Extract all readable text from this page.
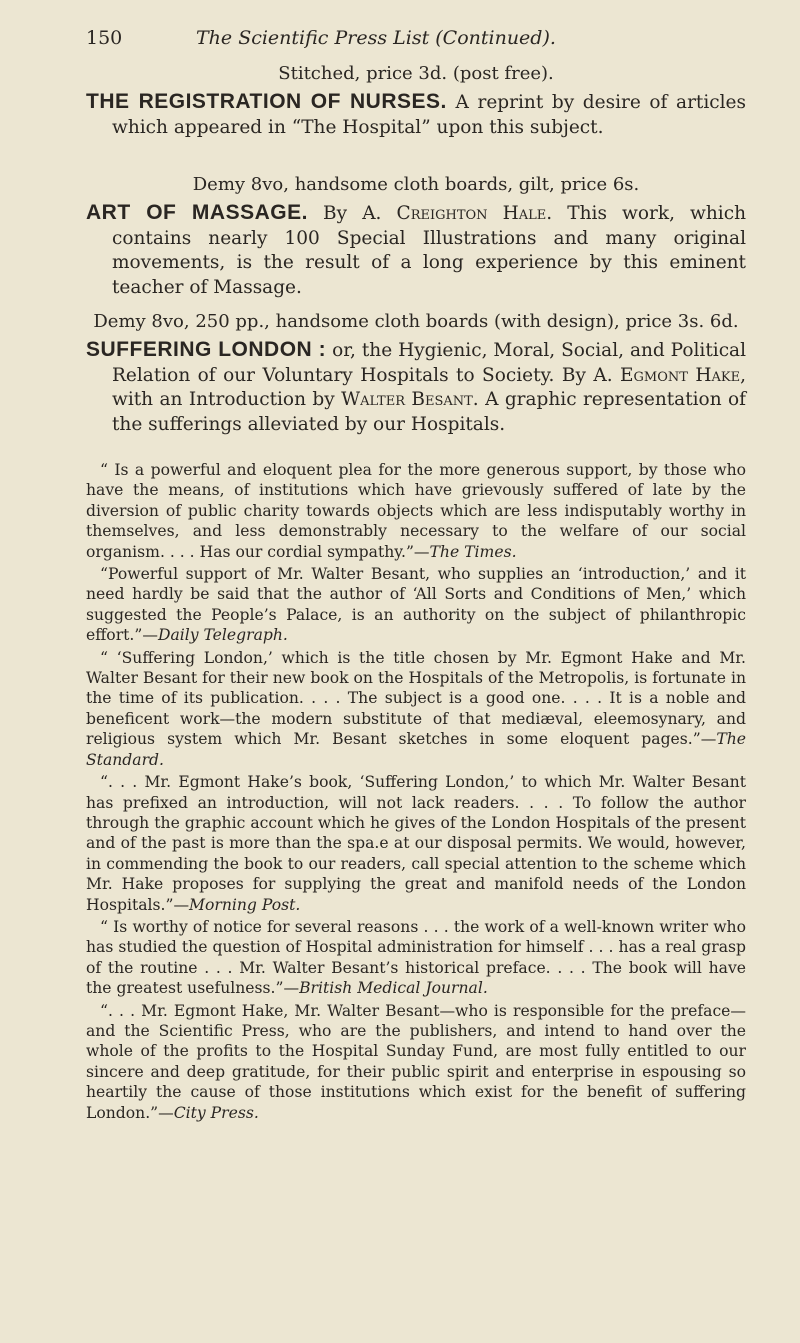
150	The Scientific Press List (Continued).

Stitched, price 3d. (post free).

THE REGISTRATION OF NURSES. A reprint by desire of articles which appeared in “The Hospital” upon this subject.

Demy 8vo, handsome cloth boards, gilt, price 6s.

ART OF MASSAGE. By A. Creighton Hale. This work, which contains nearly 100 Special Illustrations and many original movements, is the result of a long experience by this eminent teacher of Massage.

Demy 8vo, 250 pp., handsome cloth boards (with design), price 3s. 6d.

SUFFERING LONDON : or, the Hygienic, Moral, Social, and Political Relation of our Voluntary Hospitals to Society. By A. Egmont Hake, with an Introduction by Walter Besant. A graphic representation of the sufferings alleviated by our Hospitals.

“ Is a powerful and eloquent plea for the more generous support, by those who have the means, of institutions which have grievously suffered of late by the diversion of public charity towards objects which are less indisputably worthy in themselves, and less demonstrably necessary to the welfare of our social organism. . . . Has our cordial sympathy.”—The Times.

“Powerful support of Mr. Walter Besant, who supplies an ‘introduction,’ and it need hardly be said that the author of ‘All Sorts and Conditions of Men,’ which suggested the People’s Palace, is an authority on the subject of philanthropic effort.”—Daily Telegraph.

“ ‘Suffering London,’ which is the title chosen by Mr. Egmont Hake and Mr. Walter Besant for their new book on the Hospitals of the Metropolis, is fortunate in the time of its publication. . . . The subject is a good one. . . . It is a noble and beneficent work—the modern substitute of that mediæval, eleemosynary, and religious system which Mr. Besant sketches in some eloquent pages.”—The Standard.

“. . . Mr. Egmont Hake’s book, ‘Suffering London,’ to which Mr. Walter Besant has prefixed an introduction, will not lack readers. . . . To follow the author through the graphic account which he gives of the London Hospitals of the present and of the past is more than the spa.e at our disposal permits. We would, however, in commending the book to our readers, call special attention to the scheme which Mr. Hake proposes for supplying the great and manifold needs of the London Hospitals.”—Morning Post.

“ Is worthy of notice for several reasons . . . the work of a well-known writer who has studied the question of Hospital administration for himself . . . has a real grasp of the routine . . . Mr. Walter Besant’s historical preface. . . . The book will have the greatest usefulness.”—British Medical Journal.

“. . . Mr. Egmont Hake, Mr. Walter Besant—who is responsible for the preface—and the Scientific Press, who are the publishers, and intend to hand over the whole of the profits to the Hospital Sunday Fund, are most fully entitled to our sincere and deep gratitude, for their public spirit and enterprise in espousing so heartily the cause of those institutions which exist for the benefit of suffering London.”—City Press.
